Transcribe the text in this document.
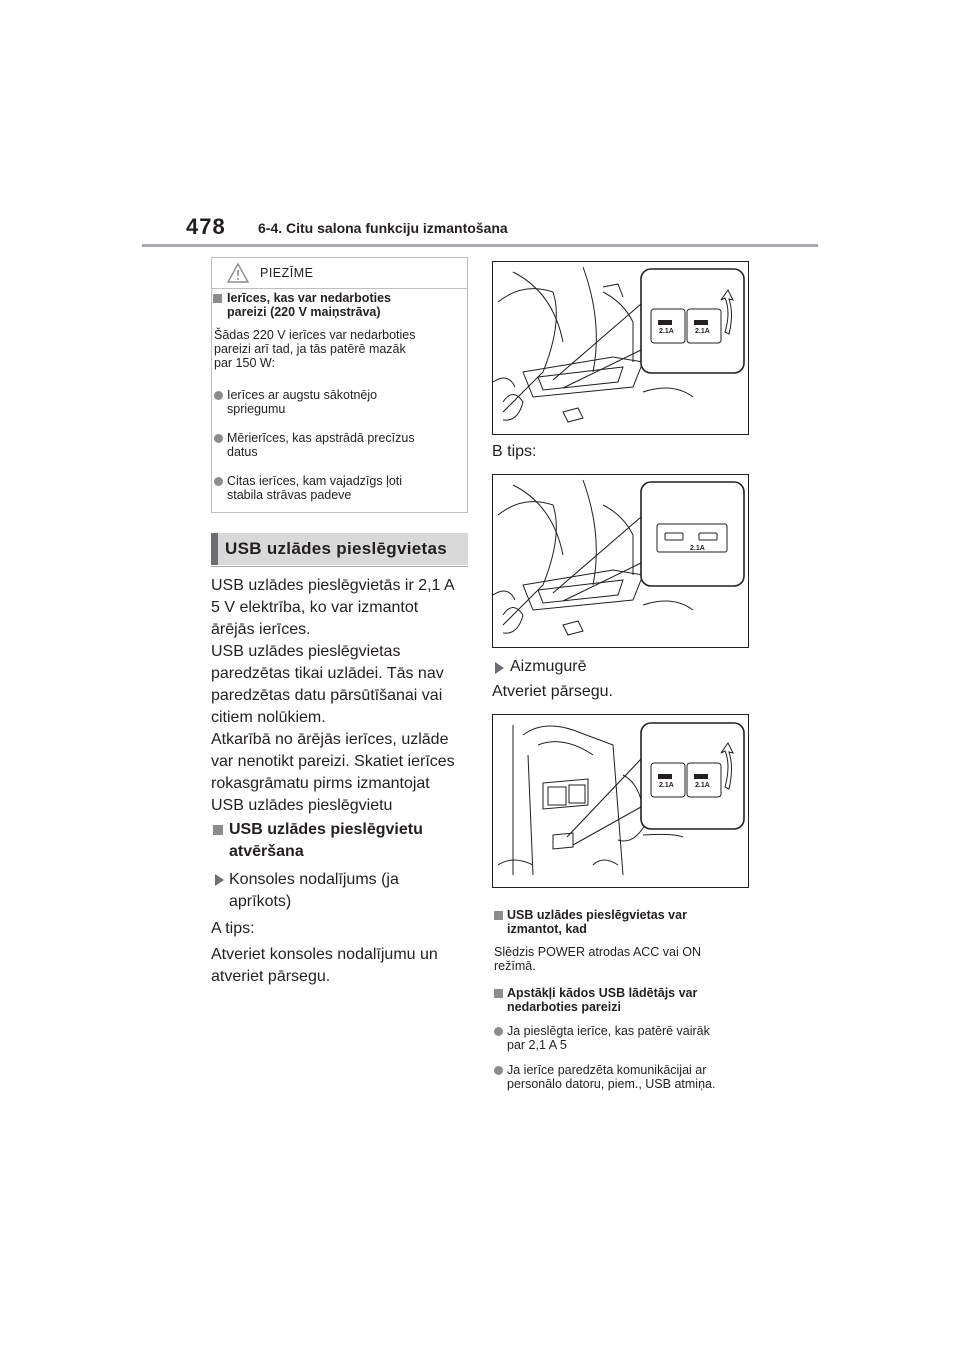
478 6-4. Citu salona funkciju izmantošana
PIEZĪME
Ierīces, kas var nedarboties
pareizi (220 V maiņstrāva)
Šādas 220 V ierīces var nedarboties
pareizi arī tad, ja tās patērē mazāk
par 150 W:
Ierīces ar augstu sākotnējo
spriegumu
Mērierīces, kas apstrādā precīzus
datus
Citas ierīces, kam vajadzīgs ļoti
stabila strāvas padeve
USB uzlādes pieslēgvietas
USB uzlādes pieslēgvietās ir 2,1 A
5 V elektrība, ko var izmantot
ārējās ierīces.
USB uzlādes pieslēgvietas
paredzētas tikai uzlādei. Tās nav
paredzētas datu pārsūtīšanai vai
citiem nolūkiem.
Atkarībā no ārējās ierīces, uzlāde
var nenotikt pareizi. Skatiet ierīces
rokasgrāmatu pirms izmantojat
USB uzlādes pieslēgvietu
USB uzlādes pieslēgvietu
atvēršana
Konsoles nodalījums (ja
aprīkots)
A tips:
Atveriet konsoles nodalījumu un
atveriet pārsegu.
2.1A	2.1A
B tips:
2.1A
Aizmugurē
Atveriet pārsegu.
2.1A	2.1A
USB uzlādes pieslēgvietas var
izmantot, kad
Slēdzis POWER atrodas ACC vai ON
režīmā.
Apstākļi kādos USB lādētājs var
nedarboties pareizi
Ja pieslēgta ierīce, kas patērē vairāk
par 2,1 A 5
Ja ierīce paredzēta komunikācijai ar
personālo datoru, piem., USB atmiņa.
